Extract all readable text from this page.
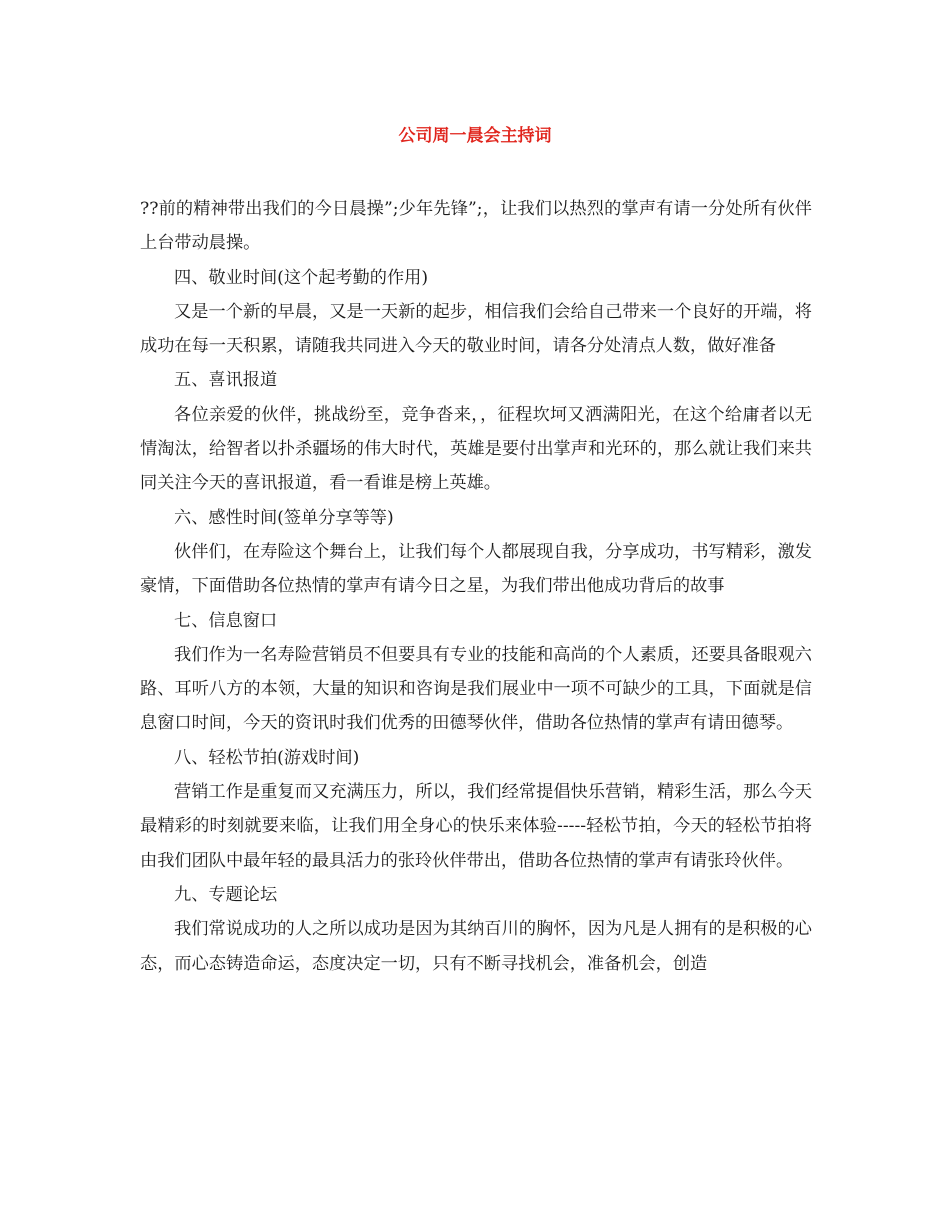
公司周一晨会主持词

??前的精神带出我们的今日晨操”;少年先锋”;，让我们以热烈的掌声有请一分处所有伙伴上台带动晨操。

四、敬业时间(这个起考勤的作用)

又是一个新的早晨，又是一天新的起步，相信我们会给自己带来一个良好的开端，将成功在每一天积累，请随我共同进入今天的敬业时间，请各分处清点人数，做好准备

五、喜讯报道

各位亲爱的伙伴，挑战纷至，竞争沓来，，征程坎坷又洒满阳光，在这个给庸者以无情淘汰，给智者以扑杀疆场的伟大时代，英雄是要付出掌声和光环的，那么就让我们来共同关注今天的喜讯报道，看一看谁是榜上英雄。

六、感性时间(签单分享等等)

伙伴们，在寿险这个舞台上，让我们每个人都展现自我，分享成功，书写精彩，激发豪情，下面借助各位热情的掌声有请今日之星，为我们带出他成功背后的故事

七、信息窗口

我们作为一名寿险营销员不但要具有专业的技能和高尚的个人素质，还要具备眼观六路、耳听八方的本领，大量的知识和咨询是我们展业中一项不可缺少的工具，下面就是信息窗口时间，今天的资讯时我们优秀的田德琴伙伴，借助各位热情的掌声有请田德琴。

八、轻松节拍(游戏时间)

营销工作是重复而又充满压力，所以，我们经常提倡快乐营销，精彩生活，那么今天最精彩的时刻就要来临，让我们用全身心的快乐来体验-----轻松节拍，今天的轻松节拍将由我们团队中最年轻的最具活力的张玲伙伴带出，借助各位热情的掌声有请张玲伙伴。

九、专题论坛

我们常说成功的人之所以成功是因为其纳百川的胸怀，因为凡是人拥有的是积极的心态，而心态铸造命运，态度决定一切，只有不断寻找机会，准备机会，创造
